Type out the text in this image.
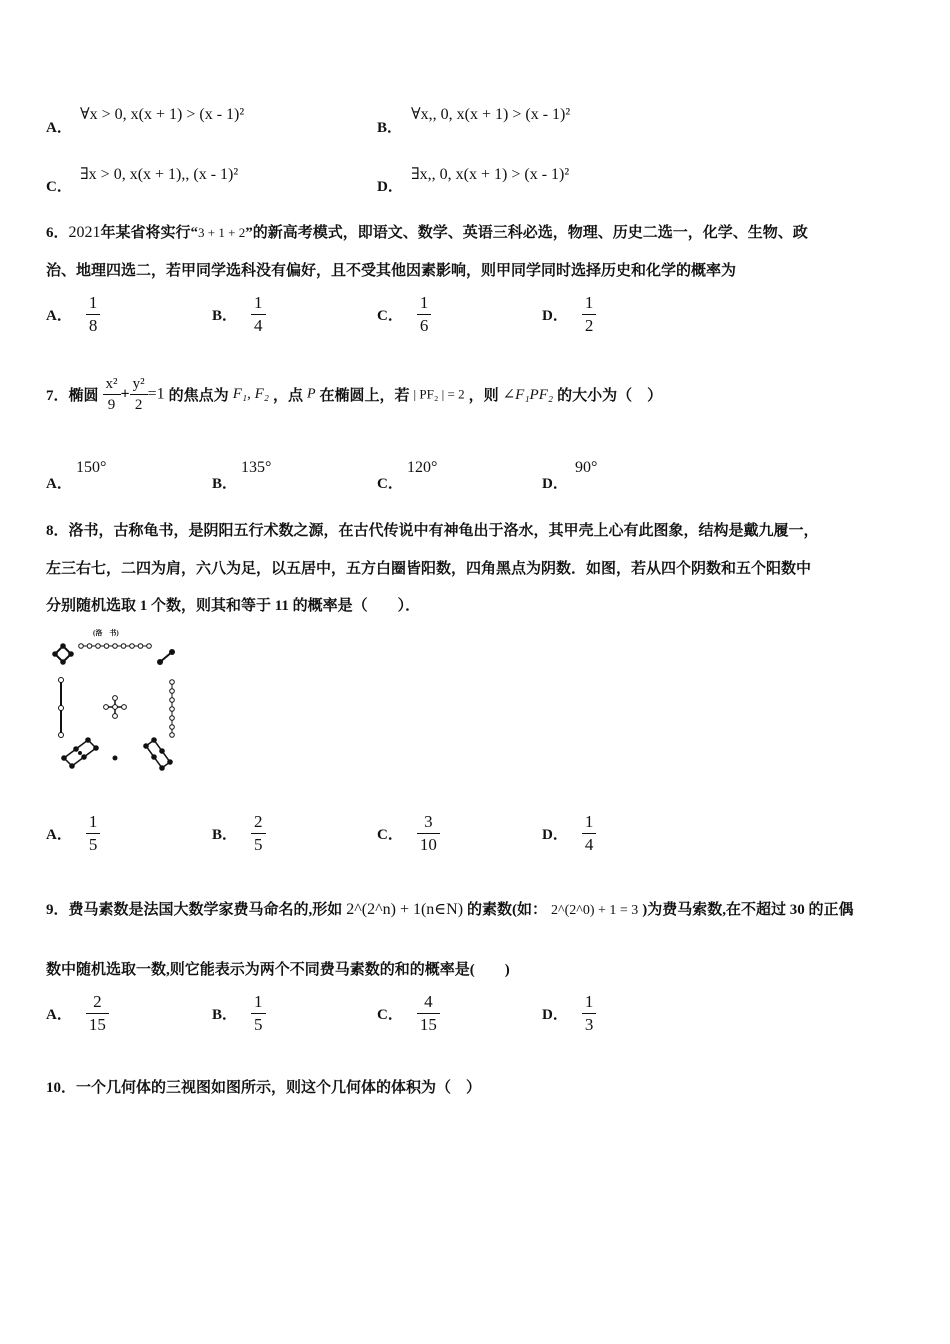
A．
∀x > 0, x(x + 1) > (x - 1)²
B．
∀x,, 0, x(x + 1) > (x - 1)²
C．
∃x > 0, x(x + 1),, (x - 1)²
D．
∃x,, 0, x(x + 1) > (x - 1)²
6．2021年某省将实行“3 + 1 + 2”的新高考模式，即语文、数学、英语三科必选，物理、历史二选一，化学、生物、政
治、地理四选二，若甲同学选科没有偏好，且不受其他因素影响，则甲同学同时选择历史和化学的概率为
A． $\frac{1}{8}$	B． $\frac{1}{4}$	C． $\frac{1}{6}$	D． $\frac{1}{2}$
7．椭圆 $\frac{\text{x²}}{9} + \frac{\text{y²}}{2} =1$ 的焦点为 F₁, F₂ ，点 P 在椭圆上，若 | PF₂ | = 2 ，则 ∠F₁PF₂ 的大小为（　）
A．
150°
B．
135°
C．
120°
D．
90°
8．洛书，古称龟书，是阴阳五行术数之源，在古代传说中有神龟出于洛水，其甲壳上心有此图象，结构是戴九履一，
左三右七，二四为肩，六八为足，以五居中，五方白圈皆阳数，四角黑点为阴数．如图，若从四个阴数和五个阳数中
分别随机选取 1 个数，则其和等于 11 的概率是（　　）．
(洛　书)
A． $\frac{1}{5}$	B． $\frac{2}{5}$	C． $\frac{3}{10}$	D． $\frac{1}{4}$
9．费马素数是法国大数学家费马命名的,形如 2^(2^n) + 1(n∈N) 的素数(如： 2^(2^0) + 1 = 3 )为费马索数,在不超过 30 的正偶
数中随机选取一数,则它能表示为两个不同费马素数的和的概率是(　　)
A． $\frac{2}{15}$	B． $\frac{1}{5}$	C． $\frac{4}{15}$	D． $\frac{1}{3}$
10．一个几何体的三视图如图所示，则这个几何体的体积为（　）
